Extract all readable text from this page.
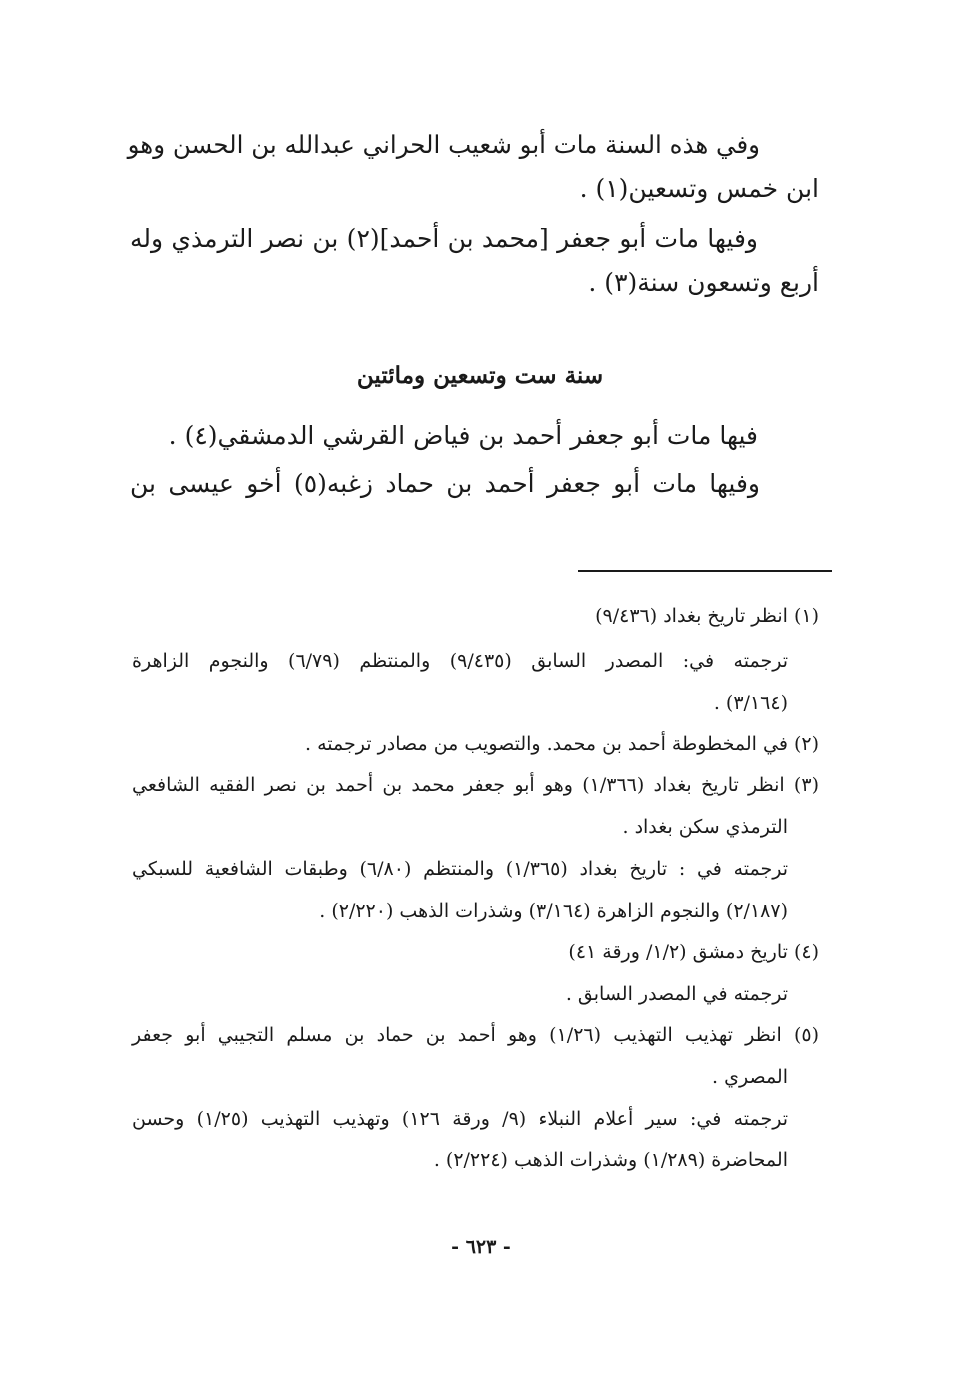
وفي هذه السنة مات أبو شعيب الحراني عبدالله بن الحسن وهو
ابن خمس وتسعين(١) .
وفيها مات أبو جعفر [محمد بن أحمد](٢) بن نصر الترمذي وله
أربع وتسعون سنة(٣) .
سنة ست وتسعين ومائتين
فيها مات أبو جعفر أحمد بن فياض القرشي الدمشقي(٤) .
وفيها مات أبو جعفر أحمد بن حماد زغبه(٥) أخو عيسى بن
(١) انظر تاريخ بغداد (٩/٤٣٦)
ترجمته في: المصدر السابق (٩/٤٣٥) والمنتظم (٦/٧٩) والنجوم الزاهرة
(٣/١٦٤) .
(٢) في المخطوطة أحمد بن محمد. والتصويب من مصادر ترجمته .
(٣) انظر تاريخ بغداد (١/٣٦٦) وهو أبو جعفر محمد بن أحمد بن نصر الفقيه الشافعي
الترمذي سكن بغداد .
ترجمته في : تاريخ بغداد (١/٣٦٥) والمنتظم (٦/٨٠) وطبقات الشافعية للسبكي
(٢/١٨٧) والنجوم الزاهرة (٣/١٦٤) وشذرات الذهب (٢/٢٢٠) .
(٤) تاريخ دمشق (١/٢/ ورقة ٤١)
ترجمته في المصدر السابق .
(٥) انظر تهذيب التهذيب (١/٢٦) وهو أحمد بن حماد بن مسلم التجيبي أبو جعفر
المصري .
ترجمته في: سير أعلام النبلاء (٩/ ورقة ١٢٦) وتهذيب التهذيب (١/٢٥) وحسن
المحاضرة (١/٢٨٩) وشذرات الذهب (٢/٢٢٤) .
- ٦٢٣ -
